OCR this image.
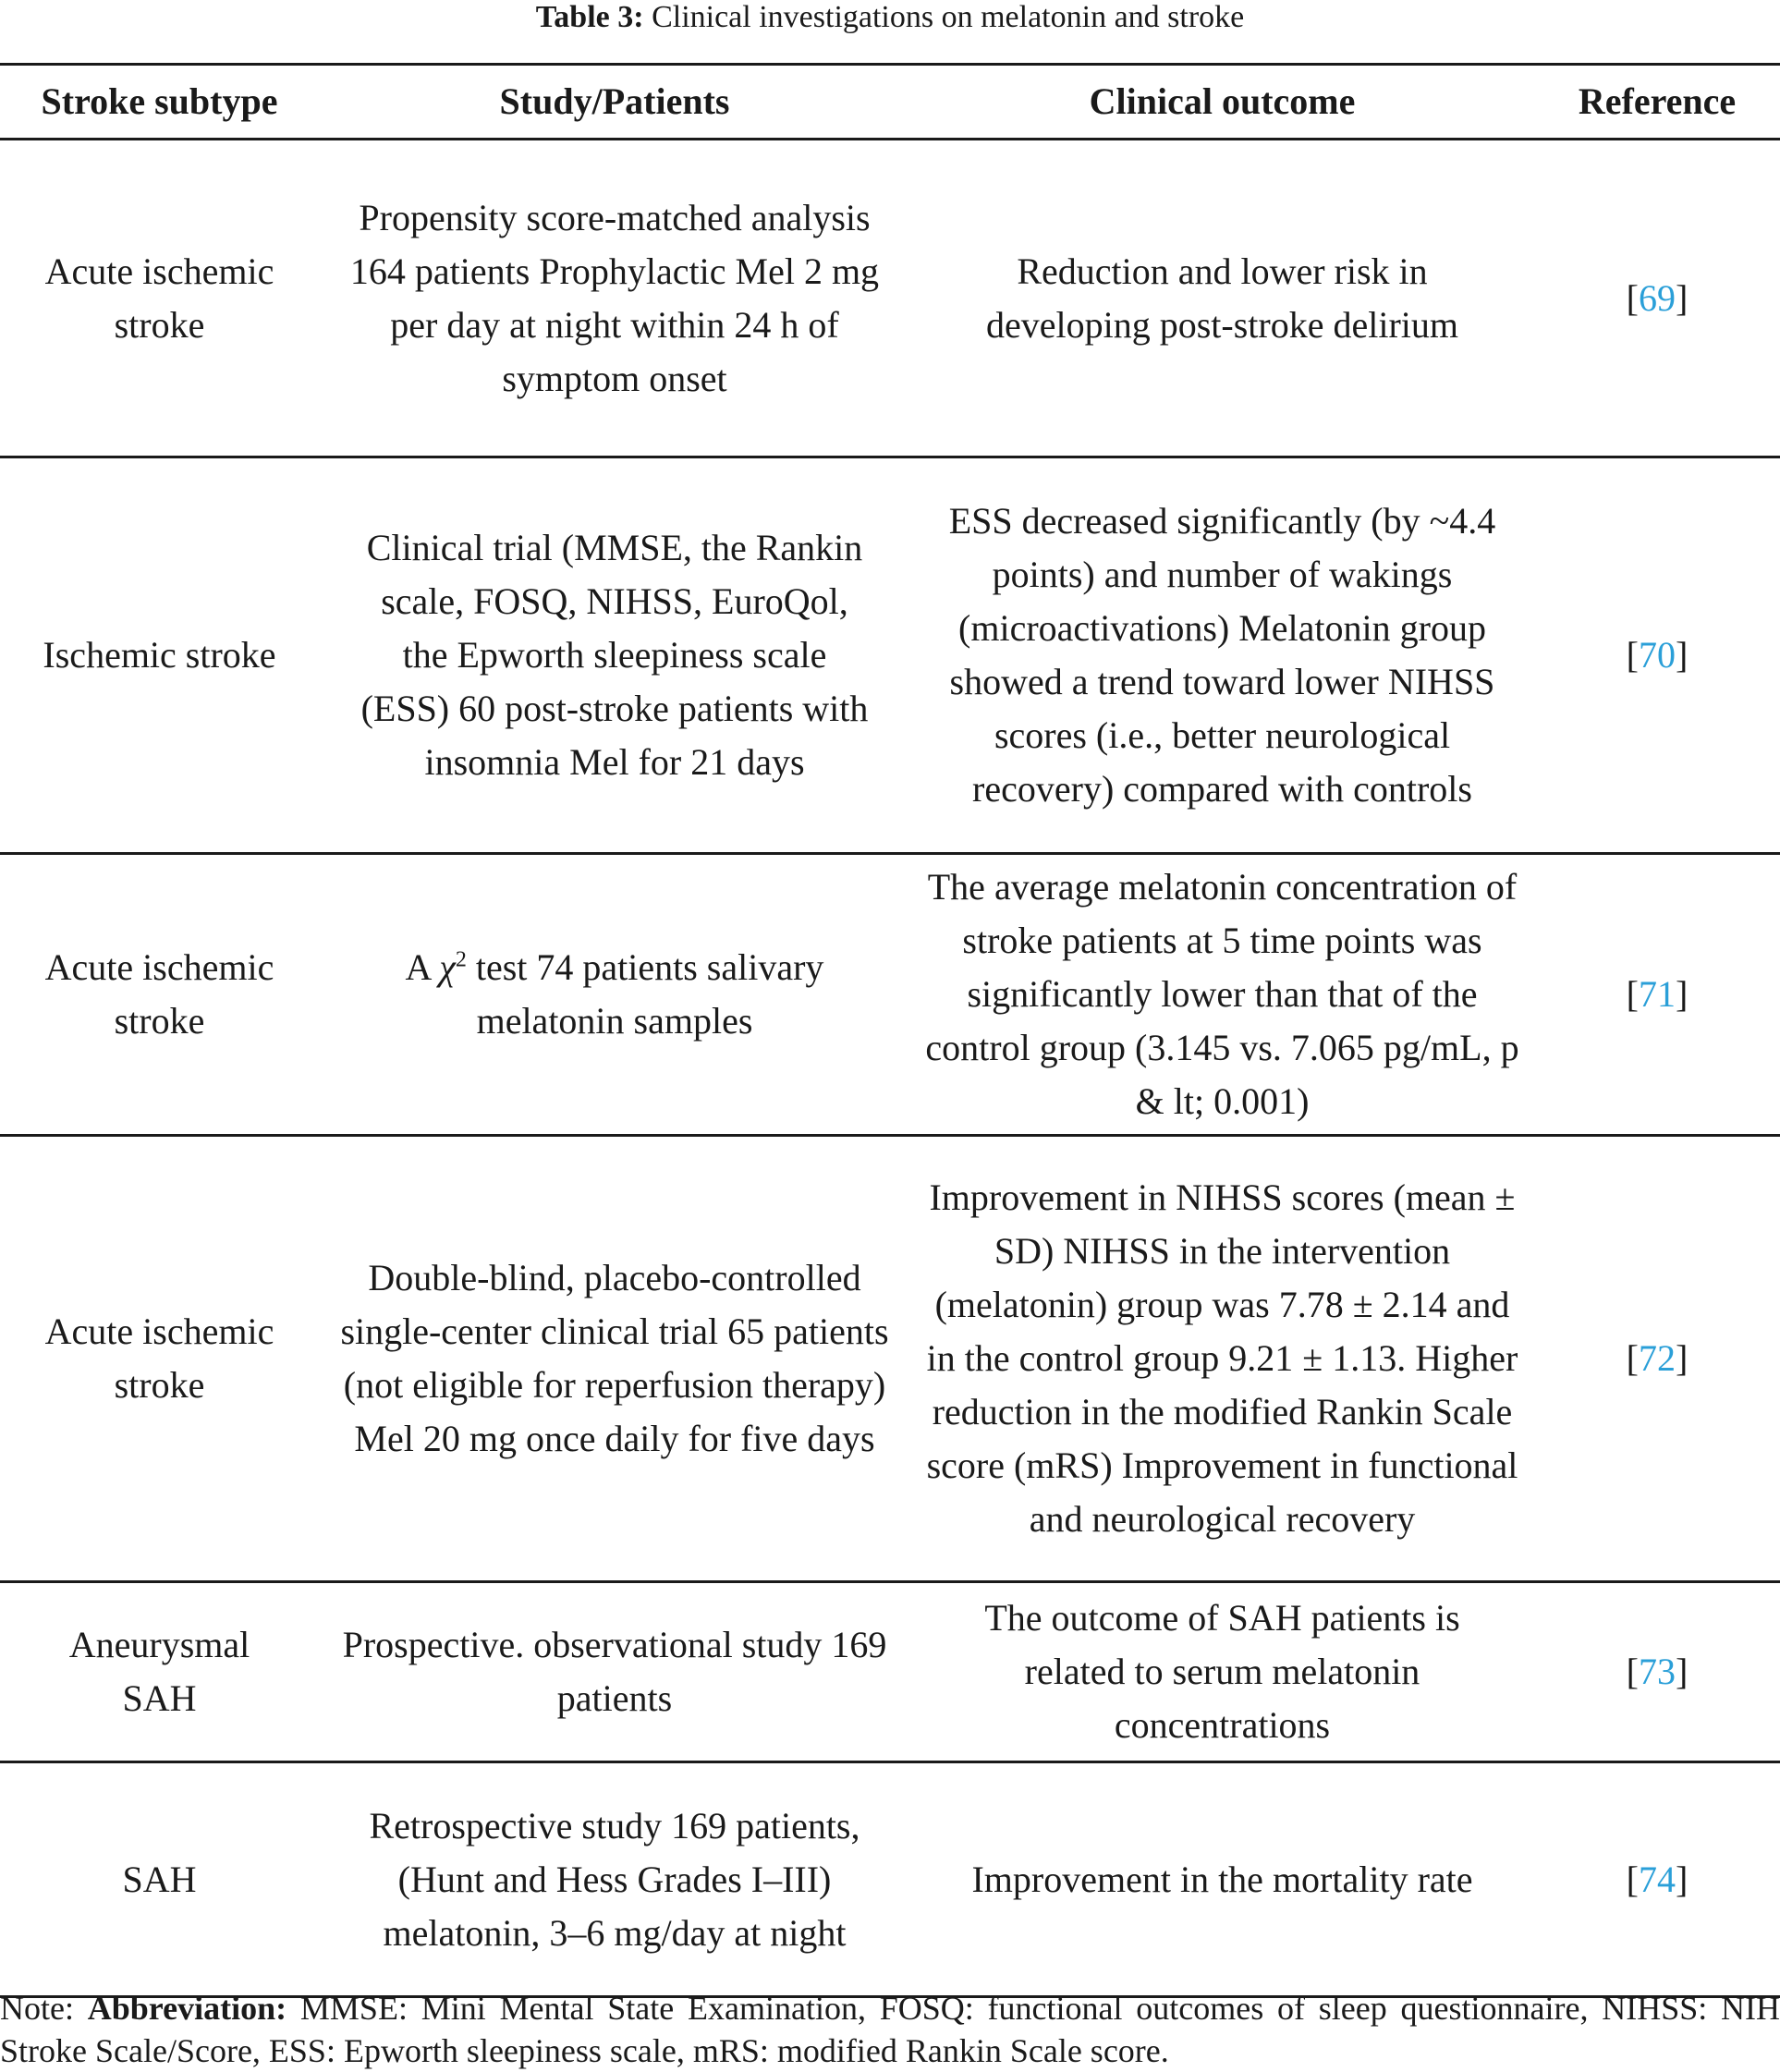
Table 3: Clinical investigations on melatonin and stroke
Stroke subtype	Study/Patients	Clinical outcome	Reference
Acute ischemic stroke	Propensity score-matched analysis 164 patients Prophylactic Mel 2 mg per day at night within 24 h of symptom onset	Reduction and lower risk in developing post-stroke delirium	[69]
Ischemic stroke	Clinical trial (MMSE, the Rankin scale, FOSQ, NIHSS, EuroQol, the Epworth sleepiness scale (ESS) 60 post-stroke patients with insomnia Mel for 21 days	ESS decreased significantly (by ~4.4 points) and number of wakings (microactivations) Melatonin group showed a trend toward lower NIHSS scores (i.e., better neurological recovery) compared with controls	[70]
Acute ischemic stroke	A $\chi^2$ test 74 patients salivary melatonin samples	The average melatonin concentration of stroke patients at 5 time points was significantly lower than that of the control group (3.145 vs. 7.065 pg/mL, p & lt; 0.001)	[71]
Acute ischemic stroke	Double-blind, placebo-controlled single-center clinical trial 65 patients (not eligible for reperfusion therapy) Mel 20 mg once daily for five days	Improvement in NIHSS scores (mean ± SD) NIHSS in the intervention (melatonin) group was 7.78 ± 2.14 and in the control group 9.21 ± 1.13. Higher reduction in the modified Rankin Scale score (mRS) Improvement in functional and neurological recovery	[72]
Aneurysmal SAH	Prospective. observational study 169 patients	The outcome of SAH patients is related to serum melatonin concentrations	[73]
SAH	Retrospective study 169 patients, (Hunt and Hess Grades I–III) melatonin, 3–6 mg/day at night	Improvement in the mortality rate	[74]
Note: Abbreviation: MMSE: Mini Mental State Examination, FOSQ: functional outcomes of sleep questionnaire, NIHSS: NIH Stroke Scale/Score, ESS: Epworth sleepiness scale, mRS: modified Rankin Scale score.
